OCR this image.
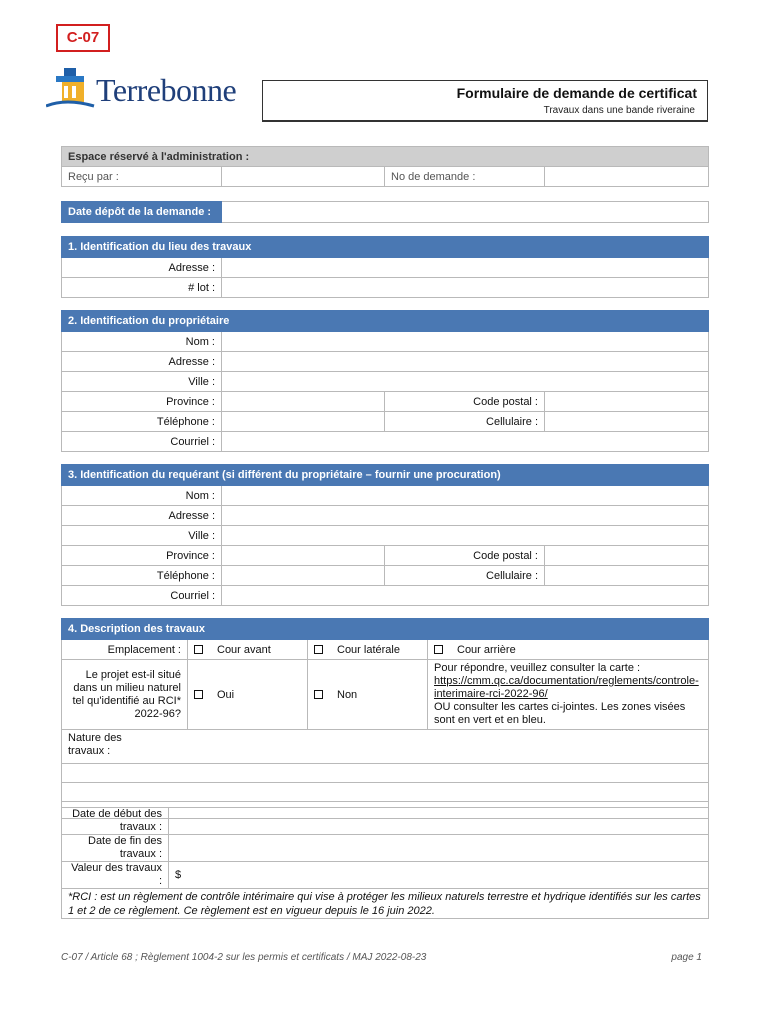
C-07
Terrebonne	Formulaire de demande de certificat
Travaux dans une bande riveraine
Espace réservé à l'administration :
Reçu par :		No de demande :	
Date dépôt de la demande :	
1. Identification du lieu des travaux	
Adresse :	
# lot :	
2. Identification du propriétaire			
Nom :			
Adresse :			
Ville :			
Province :		Code postal :	
Téléphone :		Cellulaire :	
Courriel :			
3. Identification du requérant (si différent du propriétaire – fournir une procuration)			
Nom :			
Adresse :			
Ville :			
Province :		Code postal :	
Téléphone :		Cellulaire :	
Courriel :			
4. Description des travaux			
Emplacement :	Cour avant	Cour latérale	Cour arrière
Le projet est-il situé dans un milieu naturel tel qu'identifié au RCI* 2022-96?	Oui	Non	Pour répondre, veuillez consulter la carte :
https://cmm.qc.ca/documentation/reglements/controle-interimaire-rci-2022-96/
OU consulter les cartes ci-jointes. Les zones visées sont en vert et en bleu.

Nature des travaux :			

Date de début des travaux :	
Date de fin des travaux :	
Valeur des travaux :	$
*RCI : est un règlement de contrôle intérimaire qui vise à protéger les milieux naturels terrestre et hydrique identifiés sur les cartes 1 et 2 de ce règlement. Ce règlement est en vigueur depuis le 16 juin 2022.	
C-07 / Article 68 ; Règlement 1004-2 sur les permis et certificats / MAJ 2022-08-23	page 1
